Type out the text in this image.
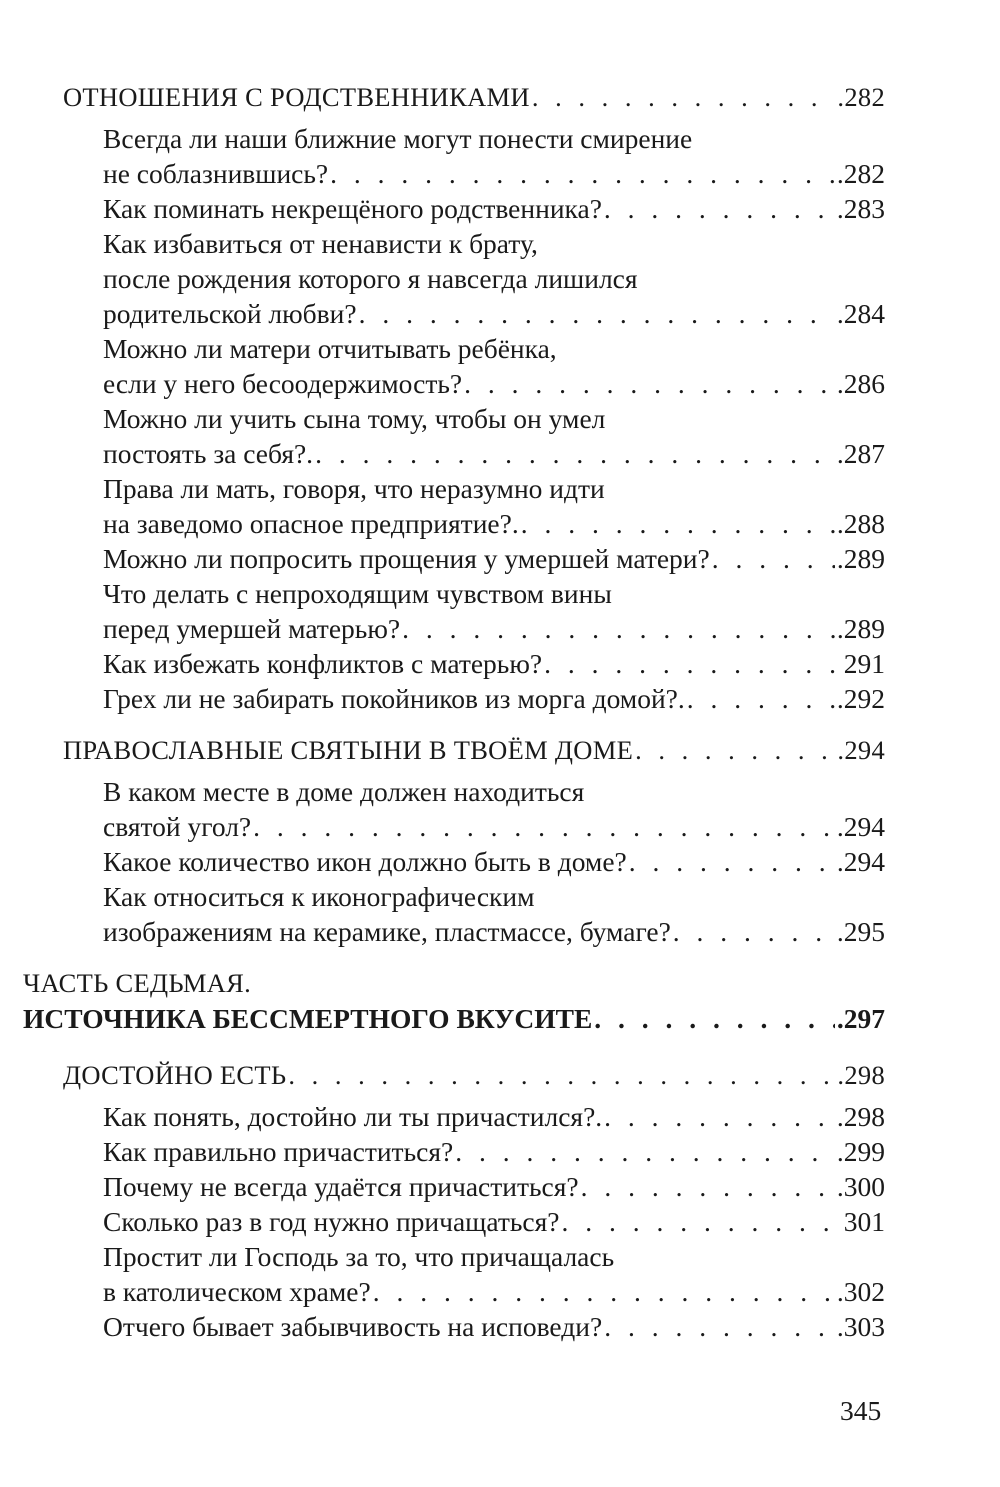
ОТНОШЕНИЯ С РОДСТВЕННИКАМИ . . .	.282
Всегда ли наши ближние могут понести смирение
не соблазнившись? . . .	.282
Как поминать некрещёного родственника? . . .	.283
Как избавиться от ненависти к брату,
после рождения которого я навсегда лишился
родительской любви? . . .	.284
Можно ли матери отчитывать ребёнка,
если у него бесоодержимость? . . .	.286
Можно ли учить сына тому, чтобы он умел
постоять за себя?. . . .	.287
Права ли мать, говоря, что неразумно идти
на заведомо опасное предприятие?. . . .	.288
Можно ли попросить прощения у умершей матери? . . .	.289
Что делать с непроходящим чувством вины
перед умершей матерью? . . .	.289
Как избежать конфликтов с матерью? . . .	291
Грех ли не забирать покойников из морга домой?. . . .	.292
ПРАВОСЛАВНЫЕ СВЯТЫНИ В ТВОЁМ ДОМЕ . . .	.294
В каком месте в доме должен находиться
святой угол? . . .	.294
Какое количество икон должно быть в доме? . . .	.294
Как относиться к иконографическим
изображениям на керамике, пластмассе, бумаге? . . .	.295
ЧАСТЬ СЕДЬМАЯ.
ИСТОЧНИКА БЕССМЕРТНОГО ВКУСИТЕ . . .	.297
ДОСТОЙНО ЕСТЬ . . .	.298
Как понять, достойно ли ты причастился?. . . .	.298
Как правильно причаститься? . . .	.299
Почему не всегда удаётся причаститься? . . .	.300
Сколько раз в год нужно причащаться? . . .	301
Простит ли Господь за то, что причащалась
в католическом храме? . . .	.302
Отчего бывает забывчивость на исповеди? . . .	.303
345
